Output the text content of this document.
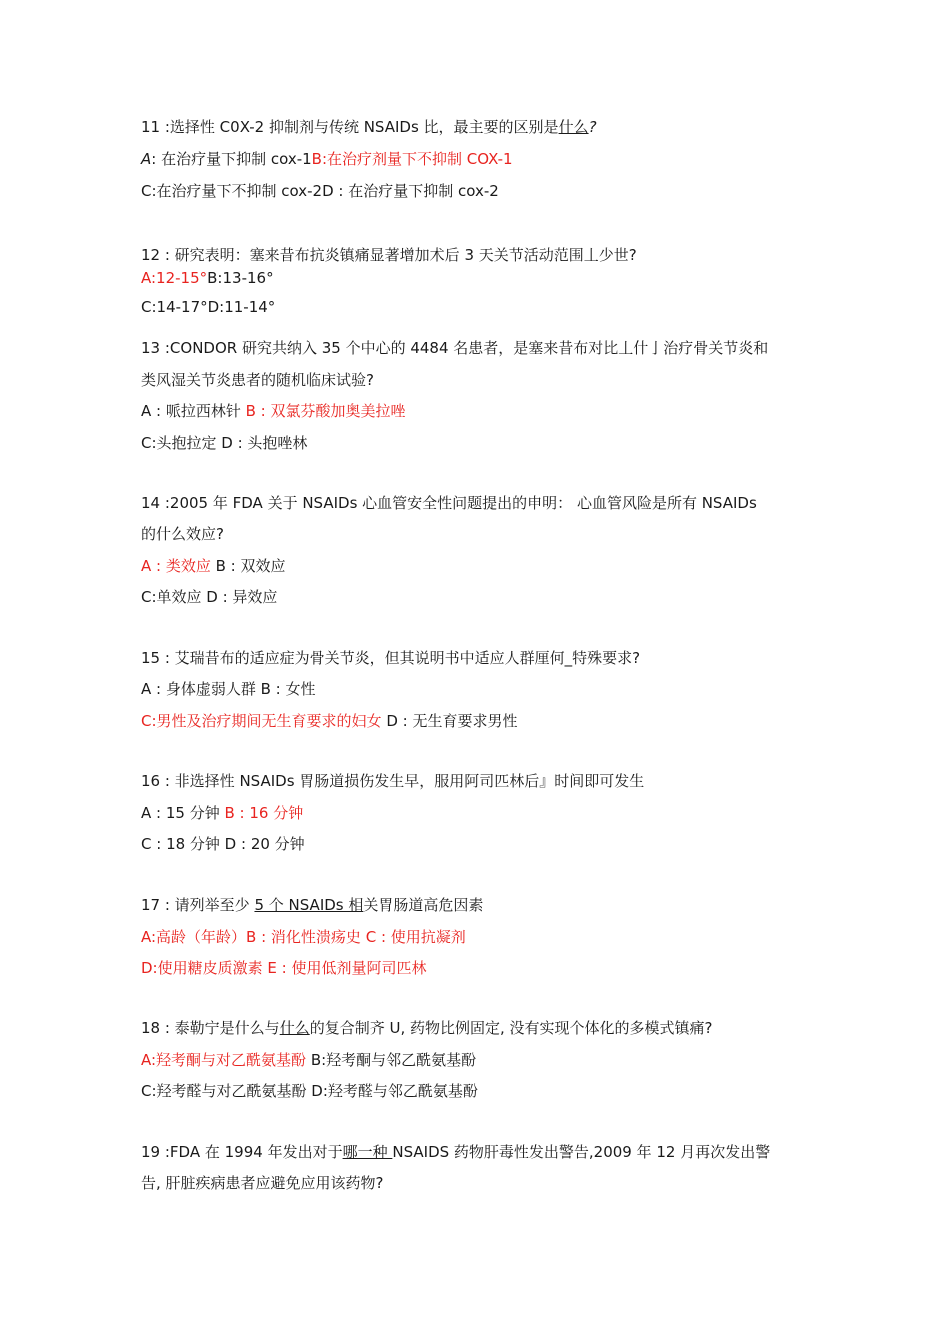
11 :选择性 C0X-2 抑制剂与传统 NSAIDs 比，最主要的区别是什么?
A: 在治疗量下抑制 cox-1B:在治疗剂量下不抑制 COX-1
C:在治疗量下不抑制 cox-2D : 在治疗量下抑制 cox-2
12 : 研究表明：塞来昔布抗炎镇痛显著增加术后 3 天关节活动范围丄少世?
A:12-15°B:13-16°
C:14-17°D:11-14°
13 :CONDOR 研究共纳入 35 个中心的 4484 名患者，是塞来昔布对比丄什亅治疗骨关节炎和
类风湿关节炎患者的随机临床试验?
A : 哌拉西林针 B : 双氯芬酸加奥美拉唑
C:头抱拉定 D : 头抱唑林
14 :2005 年 FDA 关于 NSAIDs 心血管安全性问题提出的申明： 心血管风险是所有 NSAIDs
的什么效应?
A : 类效应 B : 双效应
C:单效应 D : 异效应
15 : 艾瑞昔布的适应症为骨关节炎，但其说明书中适应人群厘何_特殊要求?
A : 身体虚弱人群 B : 女性
C:男性及治疗期间无生育要求的妇女 D : 无生育要求男性
16 : 非选择性 NSAIDs 胃肠道损伤发生早，服用阿司匹林后』时间即可发生
A : 15 分钟 B : 16 分钟
C : 18 分钟 D : 20 分钟
17 : 请列举至少 5 个 NSAIDs 相关胃肠道高危因素
A:高龄（年龄）B : 消化性溃疡史 C : 使用抗凝剂
D:使用糖皮质激素 E : 使用低剂量阿司匹林
18 : 泰勒宁是什么与什么的复合制齐 U, 药物比例固定, 没有实现个体化的多模式镇痛?
A:羟考酮与对乙酰氨基酚 B:羟考酮与邻乙酰氨基酚
C:羟考醛与对乙酰氨基酚 D:羟考醛与邻乙酰氨基酚
19 :FDA 在 1994 年发出对于哪一种 NSAIDS 药物肝毒性发出警告,2009 年 12 月再次发出警
告, 肝脏疾病患者应避免应用该药物?
